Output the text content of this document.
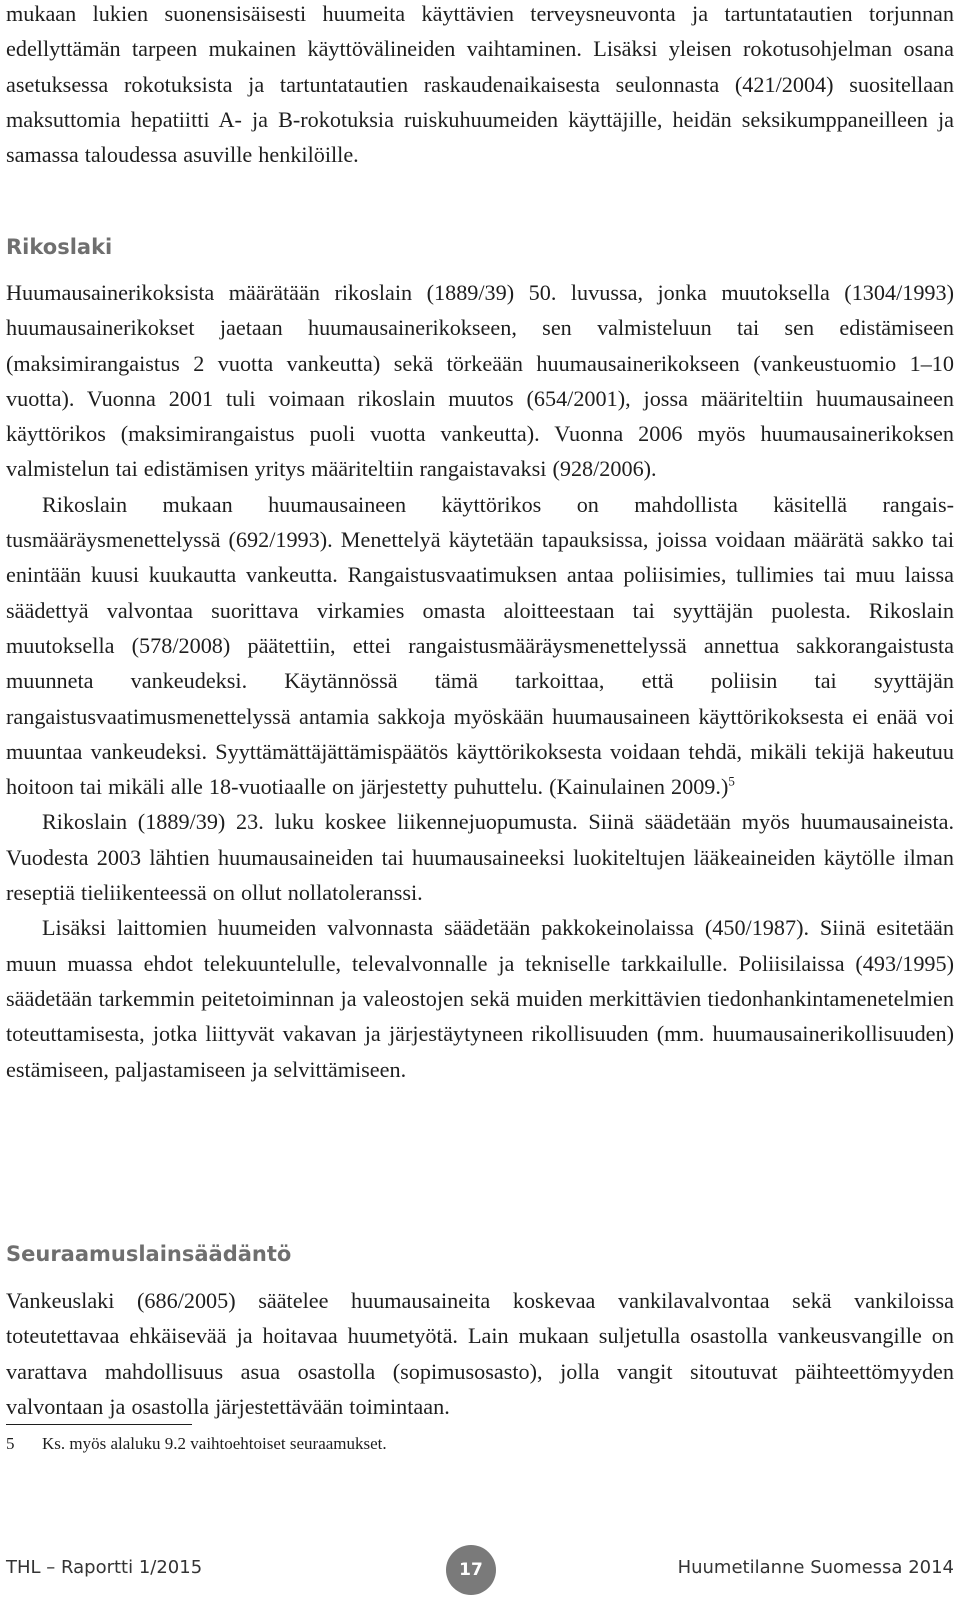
mukaan lukien suonensisäisesti huumeita käyttävien terveysneuvonta ja tartuntatautien torjunnan edellyttämän tarpeen mukainen käyttövälineiden vaihtaminen. Lisäksi yleisen rokotusohjelman osana asetuksessa rokotuksista ja tartuntatautien raskaudenaikaisesta seulonnasta (421/2004) suositellaan maksuttomia hepatiitti A- ja B-rokotuksia ruiskuhuumeiden käyttäjille, heidän seksikumppaneilleen ja samassa taloudessa asuville henkilöille.

Rikoslaki

Huumausainerikoksista määrätään rikoslain (1889/39) 50. luvussa, jonka muutoksella (1304/1993) huumausainerikokset jaetaan huumausainerikokseen, sen valmisteluun tai sen edistämiseen (maksimirangaistus 2 vuotta vankeutta) sekä törkeään huumausainerikokseen (vankeustuomio 1–10 vuotta). Vuonna 2001 tuli voimaan rikoslain muutos (654/2001), jossa määriteltiin huumausaineen käyttörikos (maksimirangaistus puoli vuotta vankeutta). Vuonna 2006 myös huumausainerikoksen valmistelun tai edistämisen yritys määriteltiin rangaistavaksi (928/2006).

Rikoslain mukaan huumausaineen käyttörikos on mahdollista käsitellä rangaistusmääräysmenettelyssä (692/1993). Menettelyä käytetään tapauksissa, joissa voidaan määrätä sakko tai enintään kuusi kuukautta vankeutta. Rangaistusvaatimuksen antaa poliisimies, tullimies tai muu laissa säädettyä valvontaa suorittava virkamies omasta aloitteestaan tai syyttäjän puolesta. Rikoslain muutoksella (578/2008) päätettiin, ettei rangaistusmääräysmenettelyssä annettua sakkorangaistusta muunneta vankeudeksi. Käytännössä tämä tarkoittaa, että poliisin tai syyttäjän rangaistusvaatimusmenettelyssä antamia sakkoja myöskään huumausaineen käyttörikoksesta ei enää voi muuntaa vankeudeksi. Syyttämättäjättämispäätös käyttörikoksesta voidaan tehdä, mikäli tekijä hakeutuu hoitoon tai mikäli alle 18-vuotiaalle on järjestetty puhuttelu. (Kainulainen 2009.)$^5$

Rikoslain (1889/39) 23. luku koskee liikennejuopumusta. Siinä säädetään myös huumausaineista. Vuodesta 2003 lähtien huumausaineiden tai huumausaineeksi luokiteltujen lääkeaineiden käytölle ilman reseptiä tieliikenteessä on ollut nollatoleranssi.

Lisäksi laittomien huumeiden valvonnasta säädetään pakkokeinolaissa (450/1987). Siinä esitetään muun muassa ehdot telekuuntelulle, televalvonnalle ja tekniselle tarkkailulle. Poliisilaissa (493/1995) säädetään tarkemmin peitetoiminnan ja valeostojen sekä muiden merkittävien tiedonhankintamenetelmien toteuttamisesta, jotka liittyvät vakavan ja järjestäytyneen rikollisuuden (mm. huumausainerikollisuuden) estämiseen, paljastamiseen ja selvittämiseen.

Seuraamuslainsäädäntö

Vankeuslaki (686/2005) säätelee huumausaineita koskevaa vankilavalvontaa sekä vankiloissa toteutettavaa ehkäisevää ja hoitavaa huumetyötä. Lain mukaan suljetulla osastolla vankeusvangille on varattava mahdollisuus asua osastolla (sopimusosasto), jolla vangit sitoutuvat päihteettömyyden valvontaan ja osastolla järjestettävään toimintaan.

5 Ks. myös alaluku 9.2 vaihtoehtoiset seuraamukset.
THL – Raportti 1/2015	17	Huumetilanne Suomessa 2014
